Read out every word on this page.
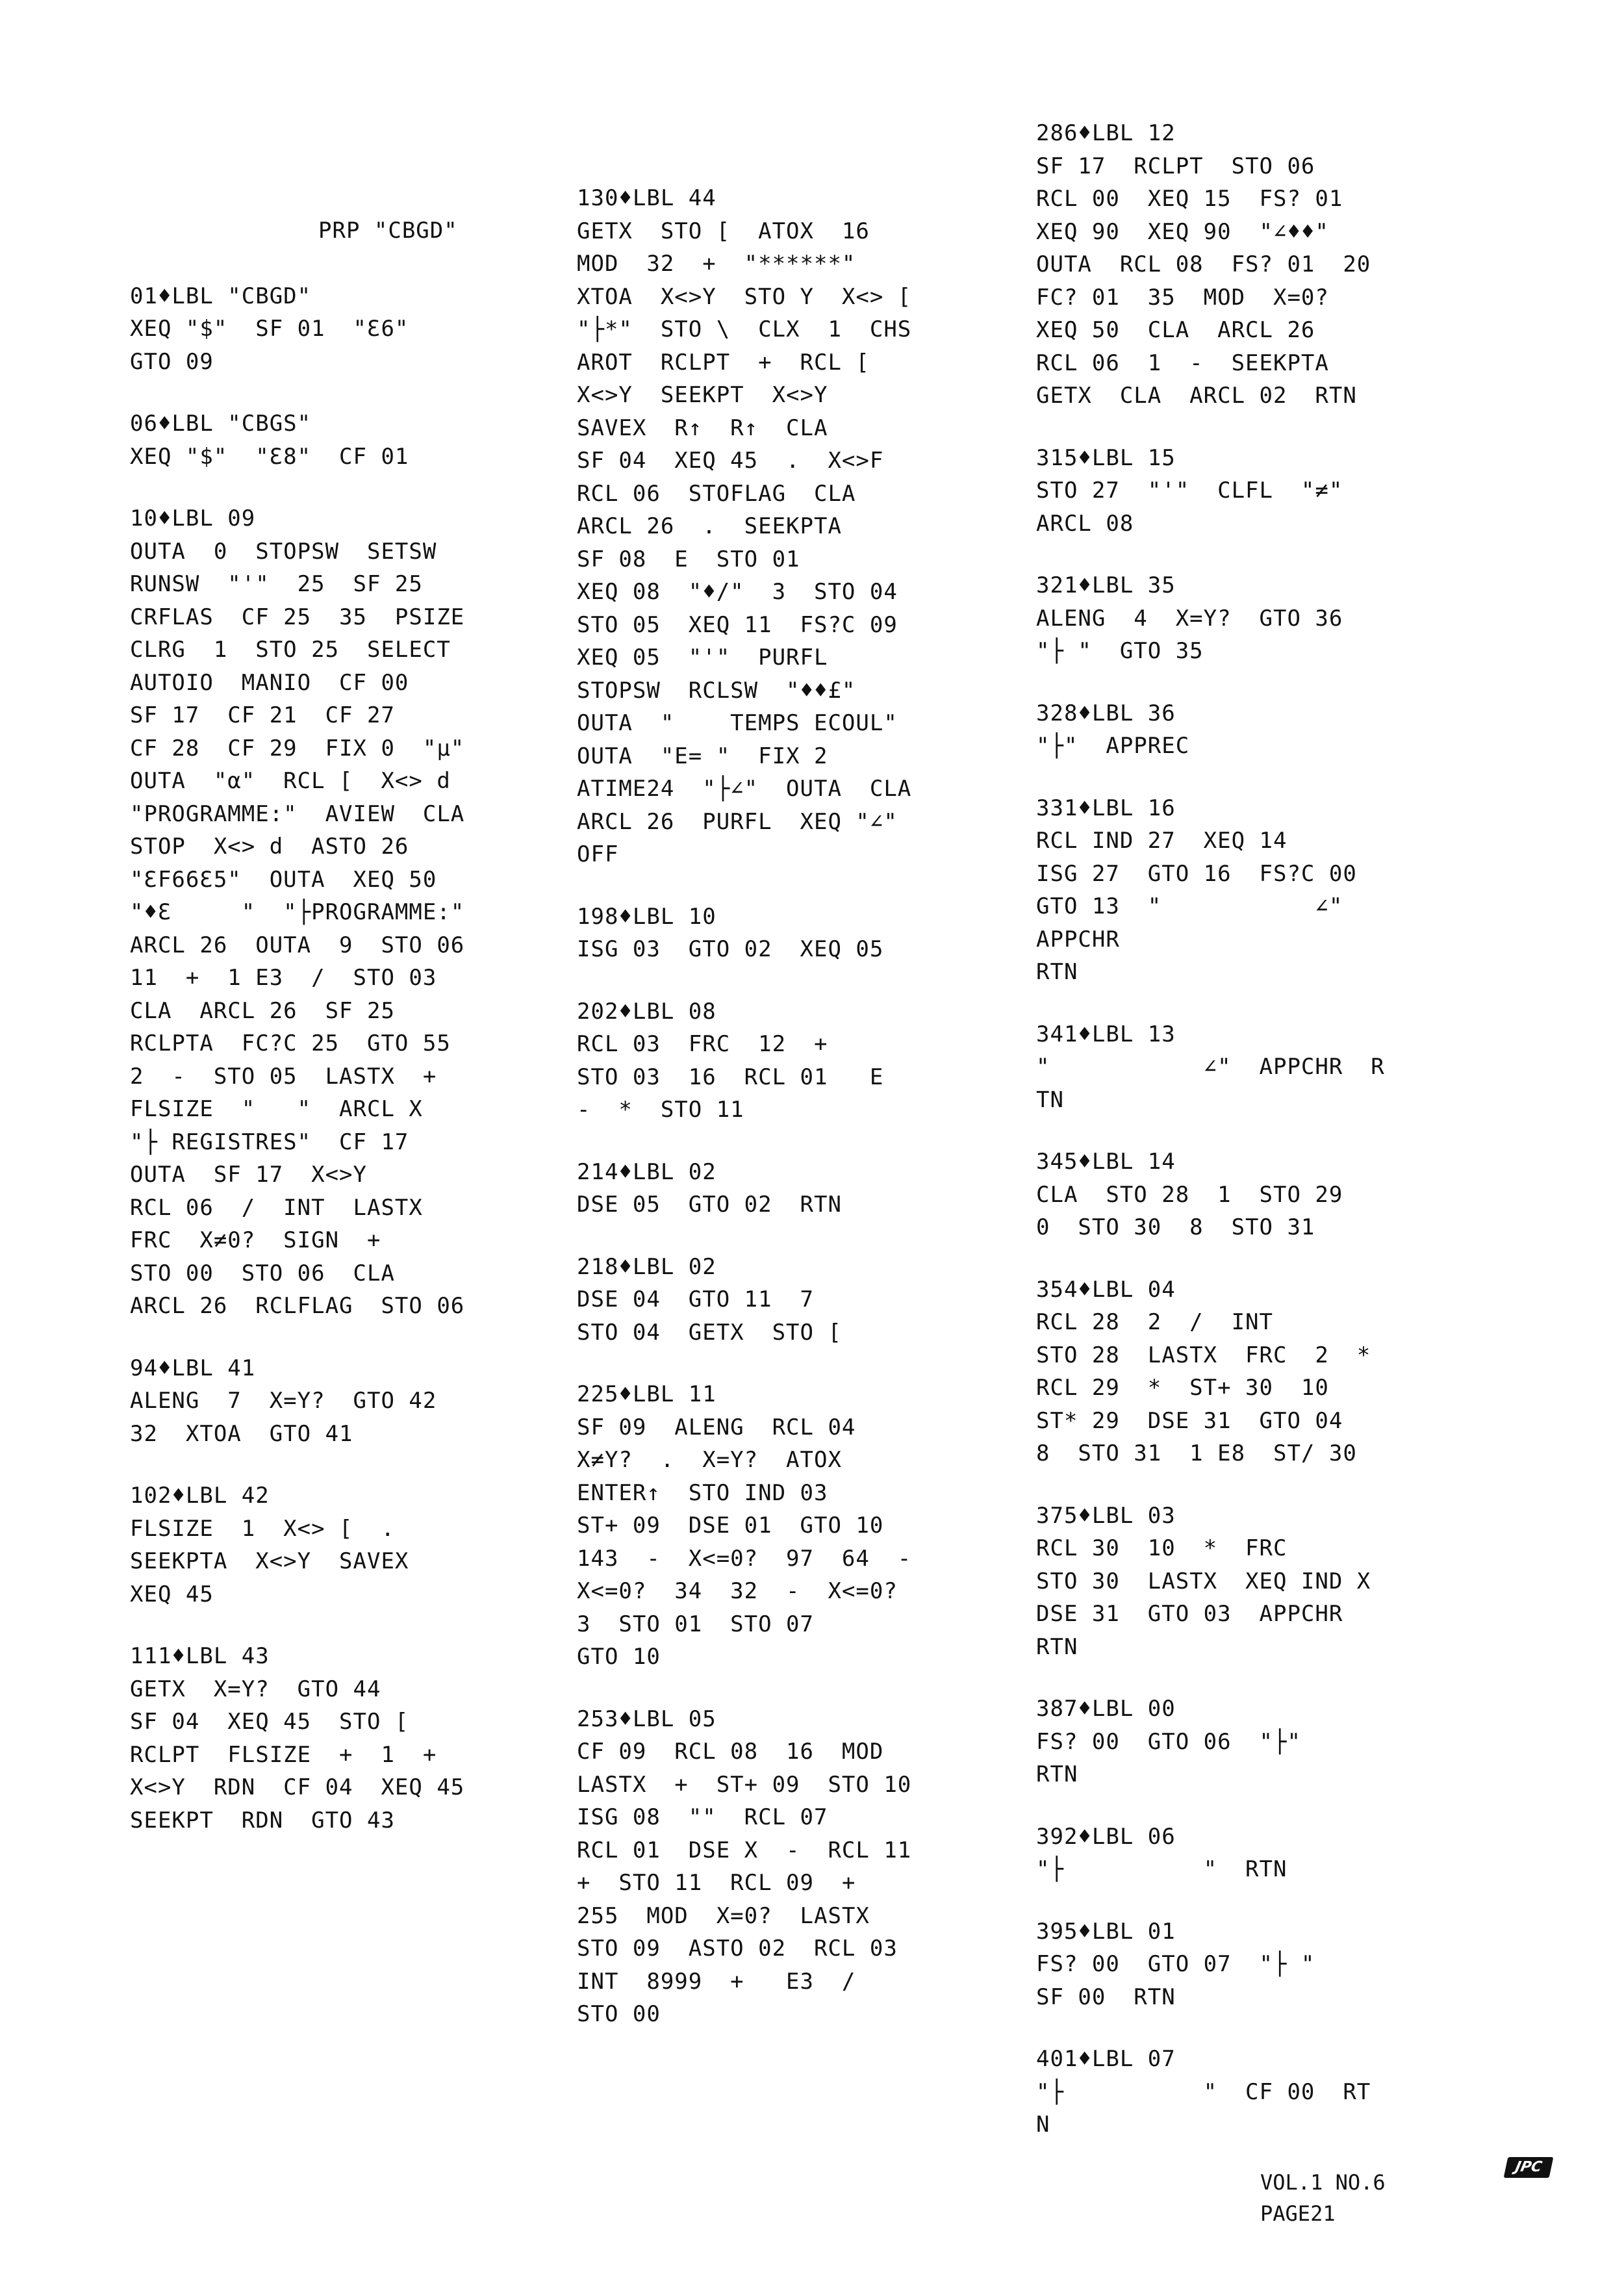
PRP "CBGD"
01♦LBL "CBGD"
XEQ "$"  SF 01  "Ɛ6"
GTO 09
06♦LBL "CBGS"
XEQ "$"  "Ɛ8"  CF 01
10♦LBL 09
OUTA  0  STOPSW  SETSW
RUNSW  "'"  25  SF 25
CRFLAS  CF 25  35  PSIZE
CLRG  1  STO 25  SELECT
AUTOIO  MANIO  CF 00
SF 17  CF 21  CF 27
CF 28  CF 29  FIX 0  "µ"
OUTA  "α"  RCL [  X<> d
"PROGRAMME:"  AVIEW  CLA
STOP  X<> d  ASTO 26
"ƐF66Ɛ5"  OUTA  XEQ 50
"♦Ɛ     "  "├PROGRAMME:"
ARCL 26  OUTA  9  STO 06
11  +  1 E3  /  STO 03
CLA  ARCL 26  SF 25
RCLPTA  FC?C 25  GTO 55
2  -  STO 05  LASTX  +
FLSIZE  "   "  ARCL X
"├ REGISTRES"  CF 17
OUTA  SF 17  X<>Y
RCL 06  /  INT  LASTX
FRC  X≠0?  SIGN  +
STO 00  STO 06  CLA
ARCL 26  RCLFLAG  STO 06
94♦LBL 41
ALENG  7  X=Y?  GTO 42
32  XTOA  GTO 41
102♦LBL 42
FLSIZE  1  X<> [  .
SEEKPTA  X<>Y  SAVEX
XEQ 45
111♦LBL 43
GETX  X=Y?  GTO 44
SF 04  XEQ 45  STO [
RCLPT  FLSIZE  +  1  +
X<>Y  RDN  CF 04  XEQ 45
SEEKPT  RDN  GTO 43
130♦LBL 44
GETX  STO [  ATOX  16
MOD  32  +  "******"
XTOA  X<>Y  STO Y  X<> [
"├*"  STO \  CLX  1  CHS
AROT  RCLPT  +  RCL [
X<>Y  SEEKPT  X<>Y
SAVEX  R↑  R↑  CLA
SF 04  XEQ 45  .  X<>F
RCL 06  STOFLAG  CLA
ARCL 26  .  SEEKPTA
SF 08  E  STO 01
XEQ 08  "♦/"  3  STO 04
STO 05  XEQ 11  FS?C 09
XEQ 05  "'"  PURFL
STOPSW  RCLSW  "♦♦£"
OUTA  "    TEMPS ECOUL"
OUTA  "E= "  FIX 2
ATIME24  "├∠"  OUTA  CLA
ARCL 26  PURFL  XEQ "∠"
OFF
198♦LBL 10
ISG 03  GTO 02  XEQ 05
202♦LBL 08
RCL 03  FRC  12  +
STO 03  16  RCL 01   E
-  *  STO 11
214♦LBL 02
DSE 05  GTO 02  RTN
218♦LBL 02
DSE 04  GTO 11  7
STO 04  GETX  STO [
225♦LBL 11
SF 09  ALENG  RCL 04
X≠Y?  .  X=Y?  ATOX
ENTER↑  STO IND 03
ST+ 09  DSE 01  GTO 10
143  -  X<=0?  97  64  -
X<=0?  34  32  -  X<=0?
3  STO 01  STO 07
GTO 10
253♦LBL 05
CF 09  RCL 08  16  MOD
LASTX  +  ST+ 09  STO 10
ISG 08  ""  RCL 07
RCL 01  DSE X  -  RCL 11
+  STO 11  RCL 09  +
255  MOD  X=0?  LASTX
STO 09  ASTO 02  RCL 03
INT  8999  +   E3  /
STO 00
286♦LBL 12
SF 17  RCLPT  STO 06
RCL 00  XEQ 15  FS? 01
XEQ 90  XEQ 90  "∠♦♦"
OUTA  RCL 08  FS? 01  20
FC? 01  35  MOD  X=0?
XEQ 50  CLA  ARCL 26
RCL 06  1  -  SEEKPTA
GETX  CLA  ARCL 02  RTN
315♦LBL 15
STO 27  "'"  CLFL  "≠"
ARCL 08
321♦LBL 35
ALENG  4  X=Y?  GTO 36
"├ "  GTO 35
328♦LBL 36
"├"  APPREC
331♦LBL 16
RCL IND 27  XEQ 14
ISG 27  GTO 16  FS?C 00
GTO 13  "           ∠"
APPCHR
RTN
341♦LBL 13
"           ∠"  APPCHR  R
TN
345♦LBL 14
CLA  STO 28  1  STO 29
0  STO 30  8  STO 31
354♦LBL 04
RCL 28  2  /  INT
STO 28  LASTX  FRC  2  *
RCL 29  *  ST+ 30  10
ST* 29  DSE 31  GTO 04
8  STO 31  1 E8  ST/ 30
375♦LBL 03
RCL 30  10  *  FRC
STO 30  LASTX  XEQ IND X
DSE 31  GTO 03  APPCHR
RTN
387♦LBL 00
FS? 00  GTO 06  "├"
RTN
392♦LBL 06
"├          "  RTN
395♦LBL 01
FS? 00  GTO 07  "├ "
SF 00  RTN
401♦LBL 07
"├          "  CF 00  RT
N
JPC
VOL.1 NO.6
PAGE21
